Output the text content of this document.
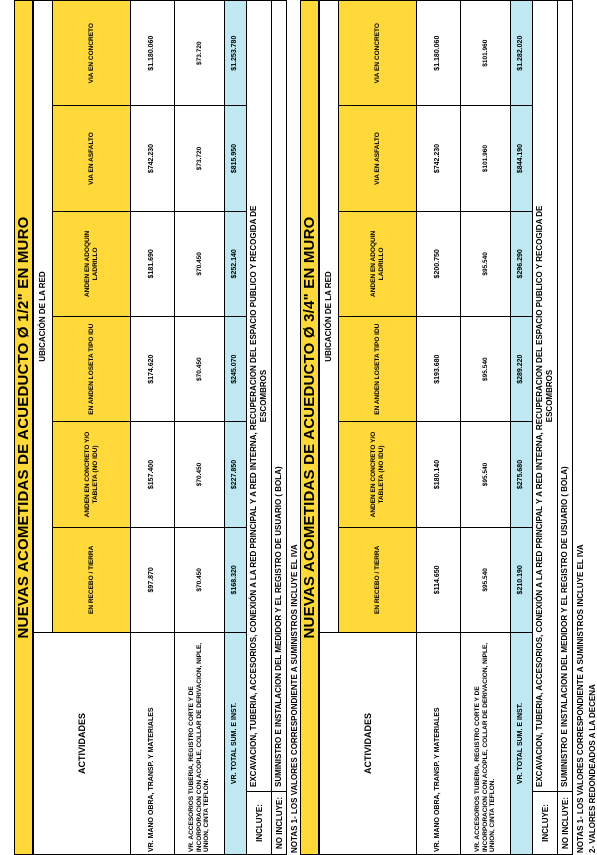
NUEVAS ACOMETIDAS DE ACUEDUCTO Ø 1/2" EN MURO
ACTIVIDADES	UBICACIÓN DE LA RED					
	EN RECEBO / TIERRA	ANDEN EN CONCRETO Y/O TABLETA (NO IDU)	EN ANDEN LOSETA TIPO IDU	ANDEN EN ADOQUIN LADRILLO	VIA EN ASFALTO	VIA EN CONCRETO
VR. MANO OBRA, TRANSP. Y MATERIALES	$97.870	$157.400	$174.620	$181.690	$742.230	$1.180.060
VR. ACCESORIOS TUBERIA, REGISTRO CORTE Y DE INCORPORACION CON ACOPLE, COLLAR DE DERIVACION, NIPLE, UNION, CINTA TEFLON.	$70.450	$70.450	$70.450	$70.450	$73.720	$73.720
VR. TOTAL SUM. E INST.	$168.320	$227.850	$245.070	$252.140	$815.950	$1.253.780
INCLUYE:
EXCAVACION, TUBERIA, ACCESORIOS, CONEXIÓN A LA RED PRINCIPAL Y A RED INTERNA, RECUPERACION DEL ESPACIO PUBLICO Y RECOGIDA DE ESCOMBROS
NO INCLUYE:
SUMINISTRO E INSTALACION DEL MEDIDOR Y EL REGISTRO DE USUARIO ( BOLA) NOTAS 1- LOS VALORES CORRESPONDIENTE A SUMINISTROS INCLUYE EL IVA
NUEVAS ACOMETIDAS DE ACUEDUCTO Ø 3/4" EN MURO
ACTIVIDADES	UBICACIÓN DE LA RED					
	EN RECEBO / TIERRA	ANDEN EN CONCRETO Y/O TABLETA (NO IDU)	EN ANDEN LOSETA TIPO IDU	ANDEN EN ADOQUIN LADRILLO	VIA EN ASFALTO	VIA EN CONCRETO
VR. MANO OBRA, TRANSP. Y MATERIALES	$114.650	$180.140	$193.680	$200.750	$742.230	$1.180.060
VR. ACCESORIOS TUBERIA, REGISTRO CORTE Y DE INCORPORACION CON ACOPLE, COLLAR DE DERIVACION, NIPLE, UNION, CINTA TEFLON.	$95.540	$95.540	$95.540	$95.540	$101.960	$101.960
VR. TOTAL SUM. E INST.	$210.190	$275.680	$289.220	$296.290	$844.190	$1.282.020
INCLUYE:
EXCAVACION, TUBERIA, ACCESORIOS, CONEXIÓN A LA RED PRINCIPAL Y A RED INTERNA, RECUPERACION DEL ESPACIO PUBLICO Y RECOGIDA DE ESCOMBROS
NO INCLUYE:
SUMINISTRO E INSTALACION DEL MEDIDOR Y EL REGISTRO DE USUARIO ( BOLA) NOTAS 1- LOS VALORES CORRESPONDIENTE A SUMINISTROS INCLUYE EL IVA 2- VALORES REDONDEADOS A LA DECENA
